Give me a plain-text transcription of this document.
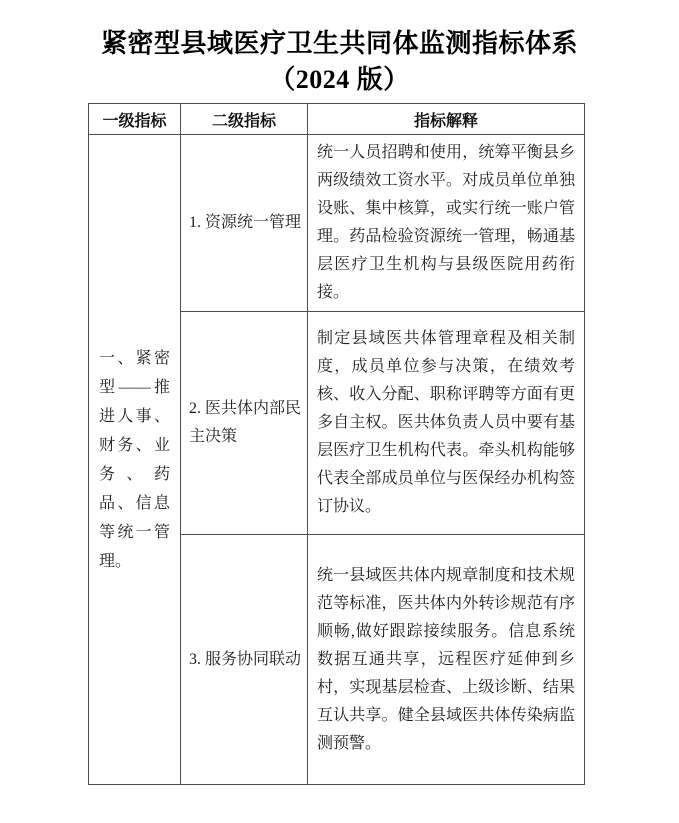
紧密型县域医疗卫生共同体监测指标体系
（2024 版）
一级指标	二级指标	指标解释

一、紧密型——推进人事、财务、业务、药品、信息等统一管理。	1. 资源统一管理	统一人员招聘和使用，统筹平衡县乡两级绩效工资水平。对成员单位单独设账、集中核算，或实行统一账户管理。药品检验资源统一管理，畅通基层医疗卫生机构与县级医院用药衔接。

	2. 医共体内部民主决策	制定县域医共体管理章程及相关制度，成员单位参与决策，在绩效考核、收入分配、职称评聘等方面有更多自主权。医共体负责人员中要有基层医疗卫生机构代表。牵头机构能够代表全部成员单位与医保经办机构签订协议。

	3. 服务协同联动	统一县域医共体内规章制度和技术规范等标准，医共体内外转诊规范有序顺畅,做好跟踪接续服务。信息系统数据互通共享，远程医疗延伸到乡村，实现基层检查、上级诊断、结果互认共享。健全县域医共体传染病监测预警。
